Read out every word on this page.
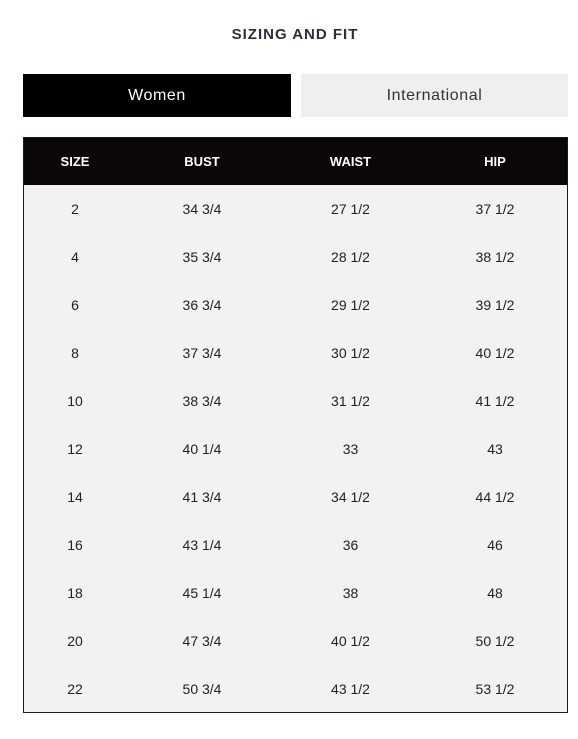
SIZING AND FIT
Women	International
SIZE	BUST	WAIST	HIP
2	34 3/4	27 1/2	37 1/2
4	35 3/4	28 1/2	38 1/2
6	36 3/4	29 1/2	39 1/2
8	37 3/4	30 1/2	40 1/2
10	38 3/4	31 1/2	41 1/2
12	40 1/4	33	43
14	41 3/4	34 1/2	44 1/2
16	43 1/4	36	46
18	45 1/4	38	48
20	47 3/4	40 1/2	50 1/2
22	50 3/4	43 1/2	53 1/2
